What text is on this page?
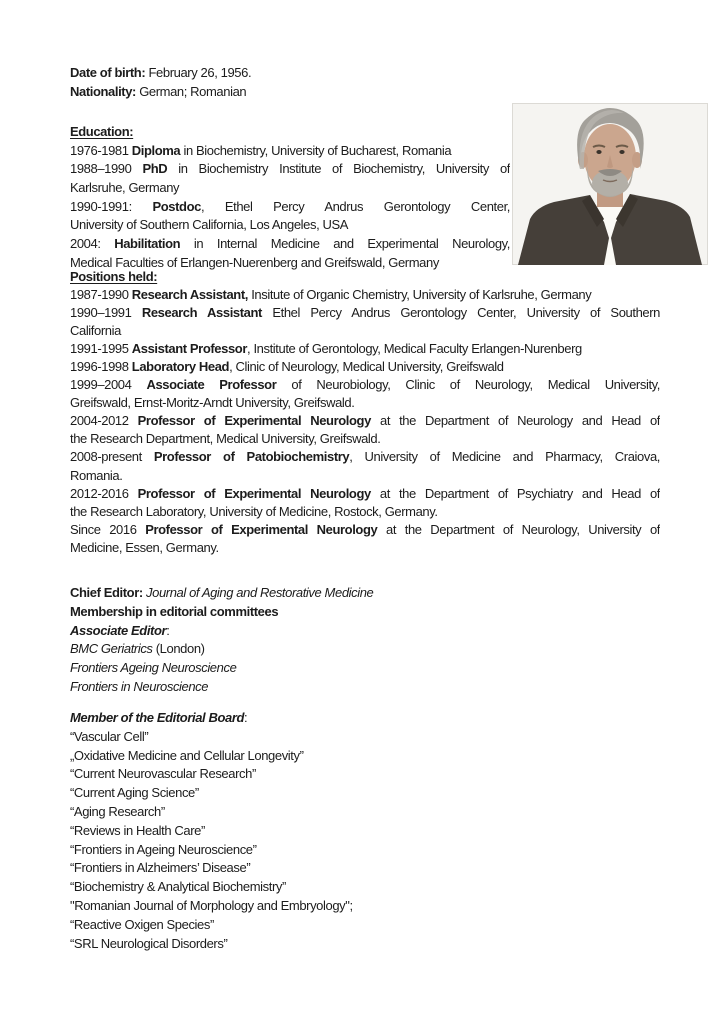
Date of birth: February 26, 1956.
Nationality: German; Romanian
Education:
1976-1981 Diploma in Biochemistry, University of Bucharest, Romania
1988–1990 PhD in Biochemistry Institute of Biochemistry, University of
Karlsruhe, Germany
1990-1991: Postdoc, Ethel Percy Andrus Gerontology Center,
University of Southern California, Los Angeles, USA
2004: Habilitation in Internal Medicine and Experimental Neurology,
Medical Faculties of Erlangen-Nuerenberg and Greifswald, Germany
Positions held:
1987-1990 Research Assistant, Insitute of Organic Chemistry, University of Karlsruhe, Germany
1990–1991 Research Assistant Ethel Percy Andrus Gerontology Center, University of Southern
California
1991-1995 Assistant Professor, Institute of Gerontology, Medical Faculty Erlangen-Nurenberg
1996-1998 Laboratory Head, Clinic of Neurology, Medical University, Greifswald
1999–2004 Associate Professor of Neurobiology, Clinic of Neurology, Medical University,
Greifswald, Ernst-Moritz-Arndt University, Greifswald.
2004-2012 Professor of Experimental Neurology at the Department of Neurology and Head of
the Research Department, Medical University, Greifswald.
2008-present Professor of Patobiochemistry, University of Medicine and Pharmacy, Craiova,
Romania.
2012-2016 Professor of Experimental Neurology at the Department of Psychiatry and Head of
the Research Laboratory, University of Medicine, Rostock, Germany.
Since 2016 Professor of Experimental Neurology at the Department of Neurology, University of
Medicine, Essen, Germany.
Chief Editor: Journal of Aging and Restorative Medicine
Membership in editorial committees
Associate Editor:
BMC Geriatrics (London)
Frontiers Ageing Neuroscience
Frontiers in Neuroscience
Member of the Editorial Board:
“Vascular Cell”
„Oxidative Medicine and Cellular Longevity”
“Current Neurovascular Research”
“Current Aging Science”
“Aging Research”
“Reviews in Health Care”
“Frontiers in Ageing Neuroscience”
“Frontiers in Alzheimers’ Disease”
“Biochemistry & Analytical Biochemistry”
"Romanian Journal of Morphology and Embryology";
“Reactive Oxigen Species”
“SRL Neurological Disorders”
